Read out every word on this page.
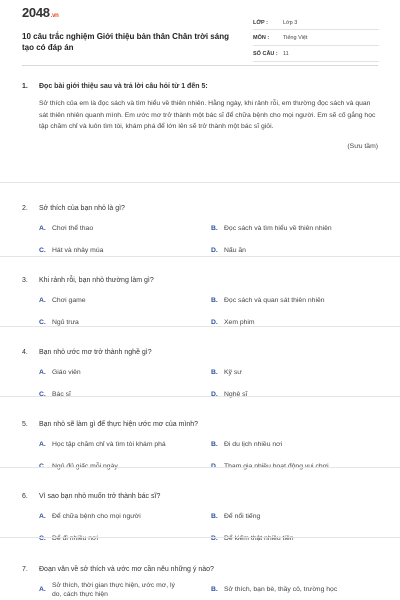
2048.vn
10 câu trắc nghiệm Giới thiệu bản thân Chân trời sáng tạo có đáp án
LỚP :	Lớp 3
MÔN :	Tiếng Việt
SỐ CÂU : 11
1.	Đọc bài giới thiệu sau và trả lời câu hỏi từ 1 đến 5:
Sở thích của em là đọc sách và tìm hiểu về thiên nhiên. Hằng ngày, khi rảnh rỗi, em thường đọc sách và quan sát thiên nhiên quanh mình. Em ước mơ trở thành một bác sĩ để chữa bệnh cho mọi người. Em sẽ cố gắng học tập chăm chỉ và luôn tìm tòi, khám phá để lớn lên sẽ trở thành một bác sĩ giỏi.
(Sưu tầm)
2.	Sở thích của bạn nhỏ là gì?
A. Chơi thể thao	B. Đọc sách và tìm hiểu về thiên nhiên
C. Hát và nhảy múa	D. Nấu ăn
3.	Khi rảnh rỗi, bạn nhỏ thường làm gì?
A. Chơi game	B. Đọc sách và quan sát thiên nhiên
C. Ngủ trưa	D. Xem phim
4.	Bạn nhỏ ước mơ trở thành nghề gì?
A. Giáo viên	B. Kỹ sư
C. Bác sĩ	D. Nghệ sĩ
5.	Bạn nhỏ sẽ làm gì để thực hiện ước mơ của mình?
A. Học tập chăm chỉ và tìm tòi khám phá	B. Đi du lịch nhiều nơi
C. Ngủ đủ giấc mỗi ngày	D. Tham gia nhiều hoạt động vui chơi
6.	Vì sao bạn nhỏ muốn trở thành bác sĩ?
A. Để chữa bệnh cho mọi người	B. Để nổi tiếng
C. Để đi nhiều nơi	D. Để kiếm thật nhiều tiền
7.	Đoạn văn về sở thích và ước mơ cần nêu những ý nào?
A.
Sở thích, thời gian thực hiện, ước mơ, lý do, cách thực hiện
B. Sở thích, bạn bè, thầy cô, trường học
